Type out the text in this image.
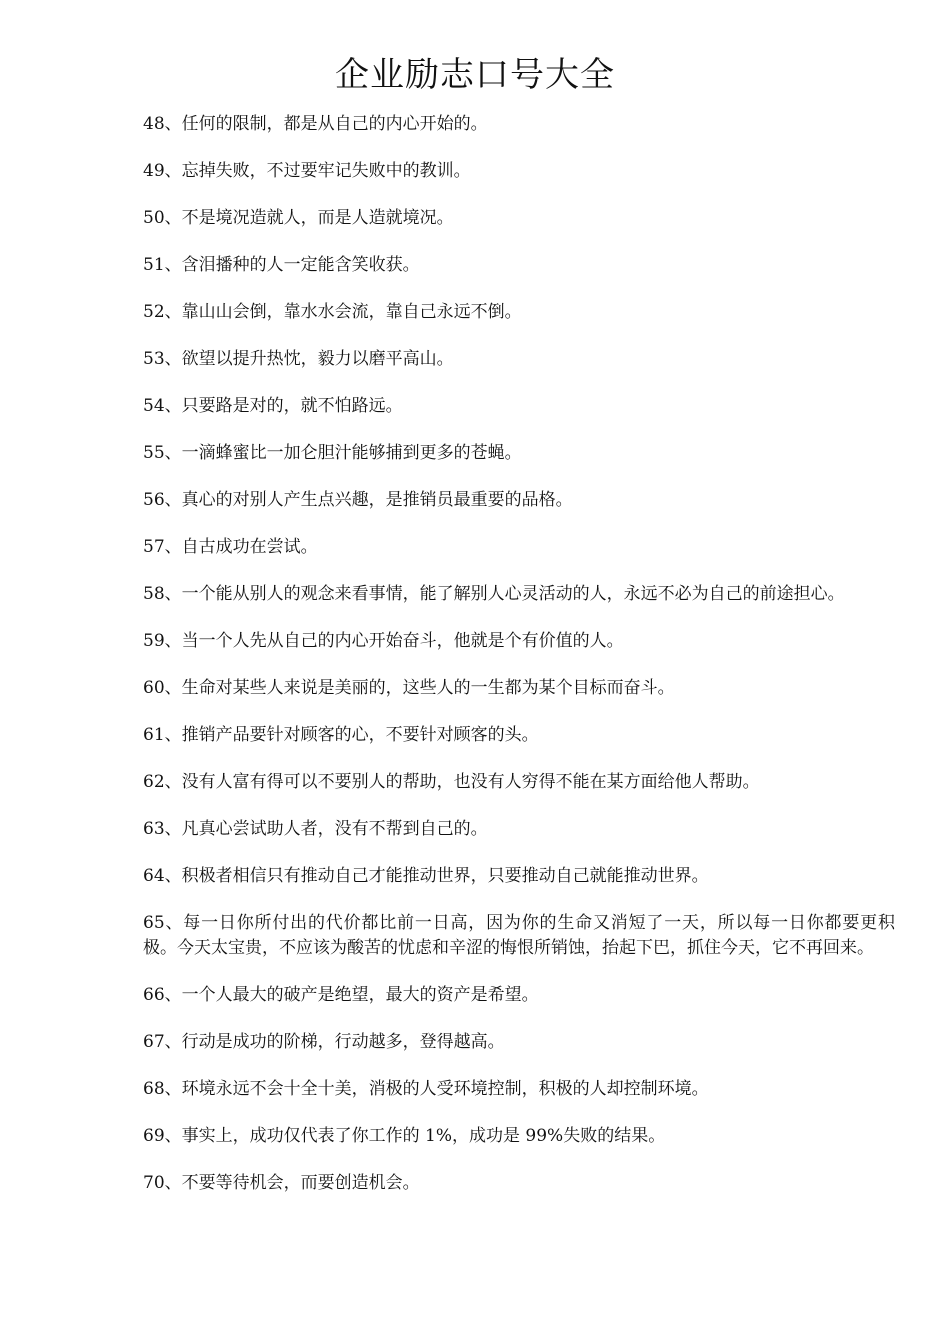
企业励志口号大全
48、任何的限制，都是从自己的内心开始的。
49、忘掉失败，不过要牢记失败中的教训。
50、不是境况造就人，而是人造就境况。
51、含泪播种的人一定能含笑收获。
52、靠山山会倒，靠水水会流，靠自己永远不倒。
53、欲望以提升热忱，毅力以磨平高山。
54、只要路是对的，就不怕路远。
55、一滴蜂蜜比一加仑胆汁能够捕到更多的苍蝇。
56、真心的对别人产生点兴趣，是推销员最重要的品格。
57、自古成功在尝试。
58、一个能从别人的观念来看事情，能了解别人心灵活动的人，永远不必为自己的前途担心。
59、当一个人先从自己的内心开始奋斗，他就是个有价值的人。
60、生命对某些人来说是美丽的，这些人的一生都为某个目标而奋斗。
61、推销产品要针对顾客的心，不要针对顾客的头。
62、没有人富有得可以不要别人的帮助，也没有人穷得不能在某方面给他人帮助。
63、凡真心尝试助人者，没有不帮到自己的。
64、积极者相信只有推动自己才能推动世界，只要推动自己就能推动世界。
65、每一日你所付出的代价都比前一日高，因为你的生命又消短了一天，所以每一日你都要更积极。今天太宝贵，不应该为酸苦的忧虑和辛涩的悔恨所销蚀，抬起下巴，抓住今天，它不再回来。
66、一个人最大的破产是绝望，最大的资产是希望。
67、行动是成功的阶梯，行动越多，登得越高。
68、环境永远不会十全十美，消极的人受环境控制，积极的人却控制环境。
69、事实上，成功仅代表了你工作的 1%，成功是 99%失败的结果。
70、不要等待机会，而要创造机会。
